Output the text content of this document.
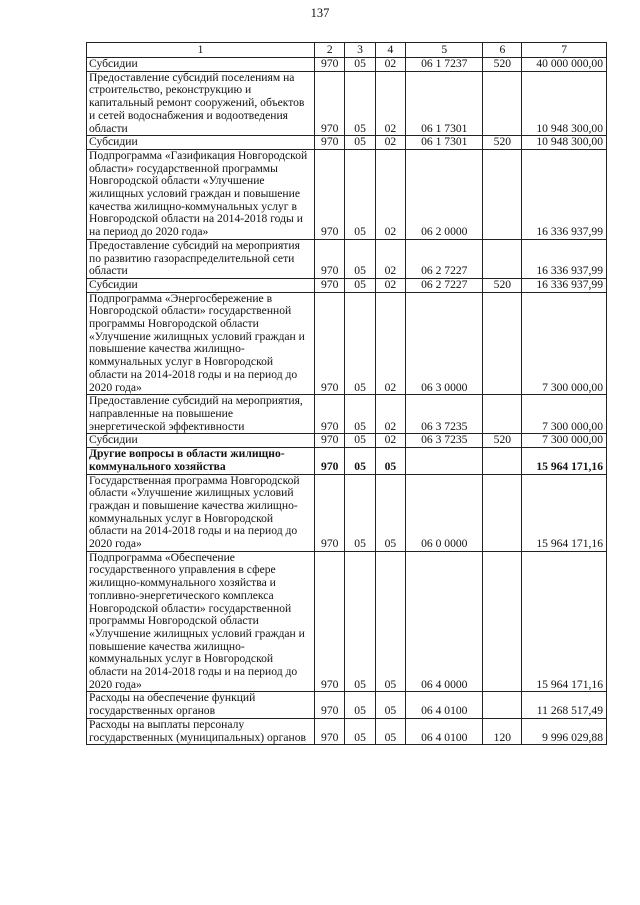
137
1	2	3	4	5	6	7
Субсидии	970	05	02	06 1 7237	520	40 000 000,00
Предоставление субсидий поселениям на строительство, реконструкцию и капитальный ремонт сооружений, объектов и сетей водоснабжения и водоотведения области	970	05	02	06 1 7301		10 948 300,00
Субсидии	970	05	02	06 1 7301	520	10 948 300,00
Подпрограмма «Газификация Новгородской области» государственной программы Новгородской области «Улучшение жилищных условий граждан и повышение качества жилищно-коммунальных услуг в Новгородской области на 2014-2018 годы и на период до 2020 года»	970	05	02	06 2 0000		16 336 937,99
Предоставление субсидий на мероприятия по развитию газораспределительной сети области	970	05	02	06 2 7227		16 336 937,99
Субсидии	970	05	02	06 2 7227	520	16 336 937,99
Подпрограмма «Энергосбережение в Новгородской области» государственной программы Новгородской области «Улучшение жилищных условий граждан и повышение качества жилищно-коммунальных услуг в Новгородской области на 2014-2018 годы и на период до 2020 года»	970	05	02	06 3 0000		7 300 000,00
Предоставление субсидий на мероприятия, направленные на повышение энергетической эффективности	970	05	02	06 3 7235		7 300 000,00
Субсидии	970	05	02	06 3 7235	520	7 300 000,00
Другие вопросы в области жилищно-коммунального хозяйства	970	05	05			15 964 171,16
Государственная программа Новгородской области «Улучшение жилищных условий граждан и повышение качества жилищно-коммунальных услуг в Новгородской области на 2014-2018 годы и на период до 2020 года»	970	05	05	06 0 0000		15 964 171,16
Подпрограмма «Обеспечение государственного управления в сфере жилищно-коммунального хозяйства и топливно-энергетического комплекса Новгородской области» государственной программы Новгородской области «Улучшение жилищных условий граждан и повышение качества жилищно-коммунальных услуг в Новгородской области на 2014-2018 годы и на период до 2020 года»	970	05	05	06 4 0000		15 964 171,16
Расходы на обеспечение функций государственных органов	970	05	05	06 4 0100		11 268 517,49
Расходы на выплаты персоналу государственных (муниципальных) органов	970	05	05	06 4 0100	120	9 996 029,88
